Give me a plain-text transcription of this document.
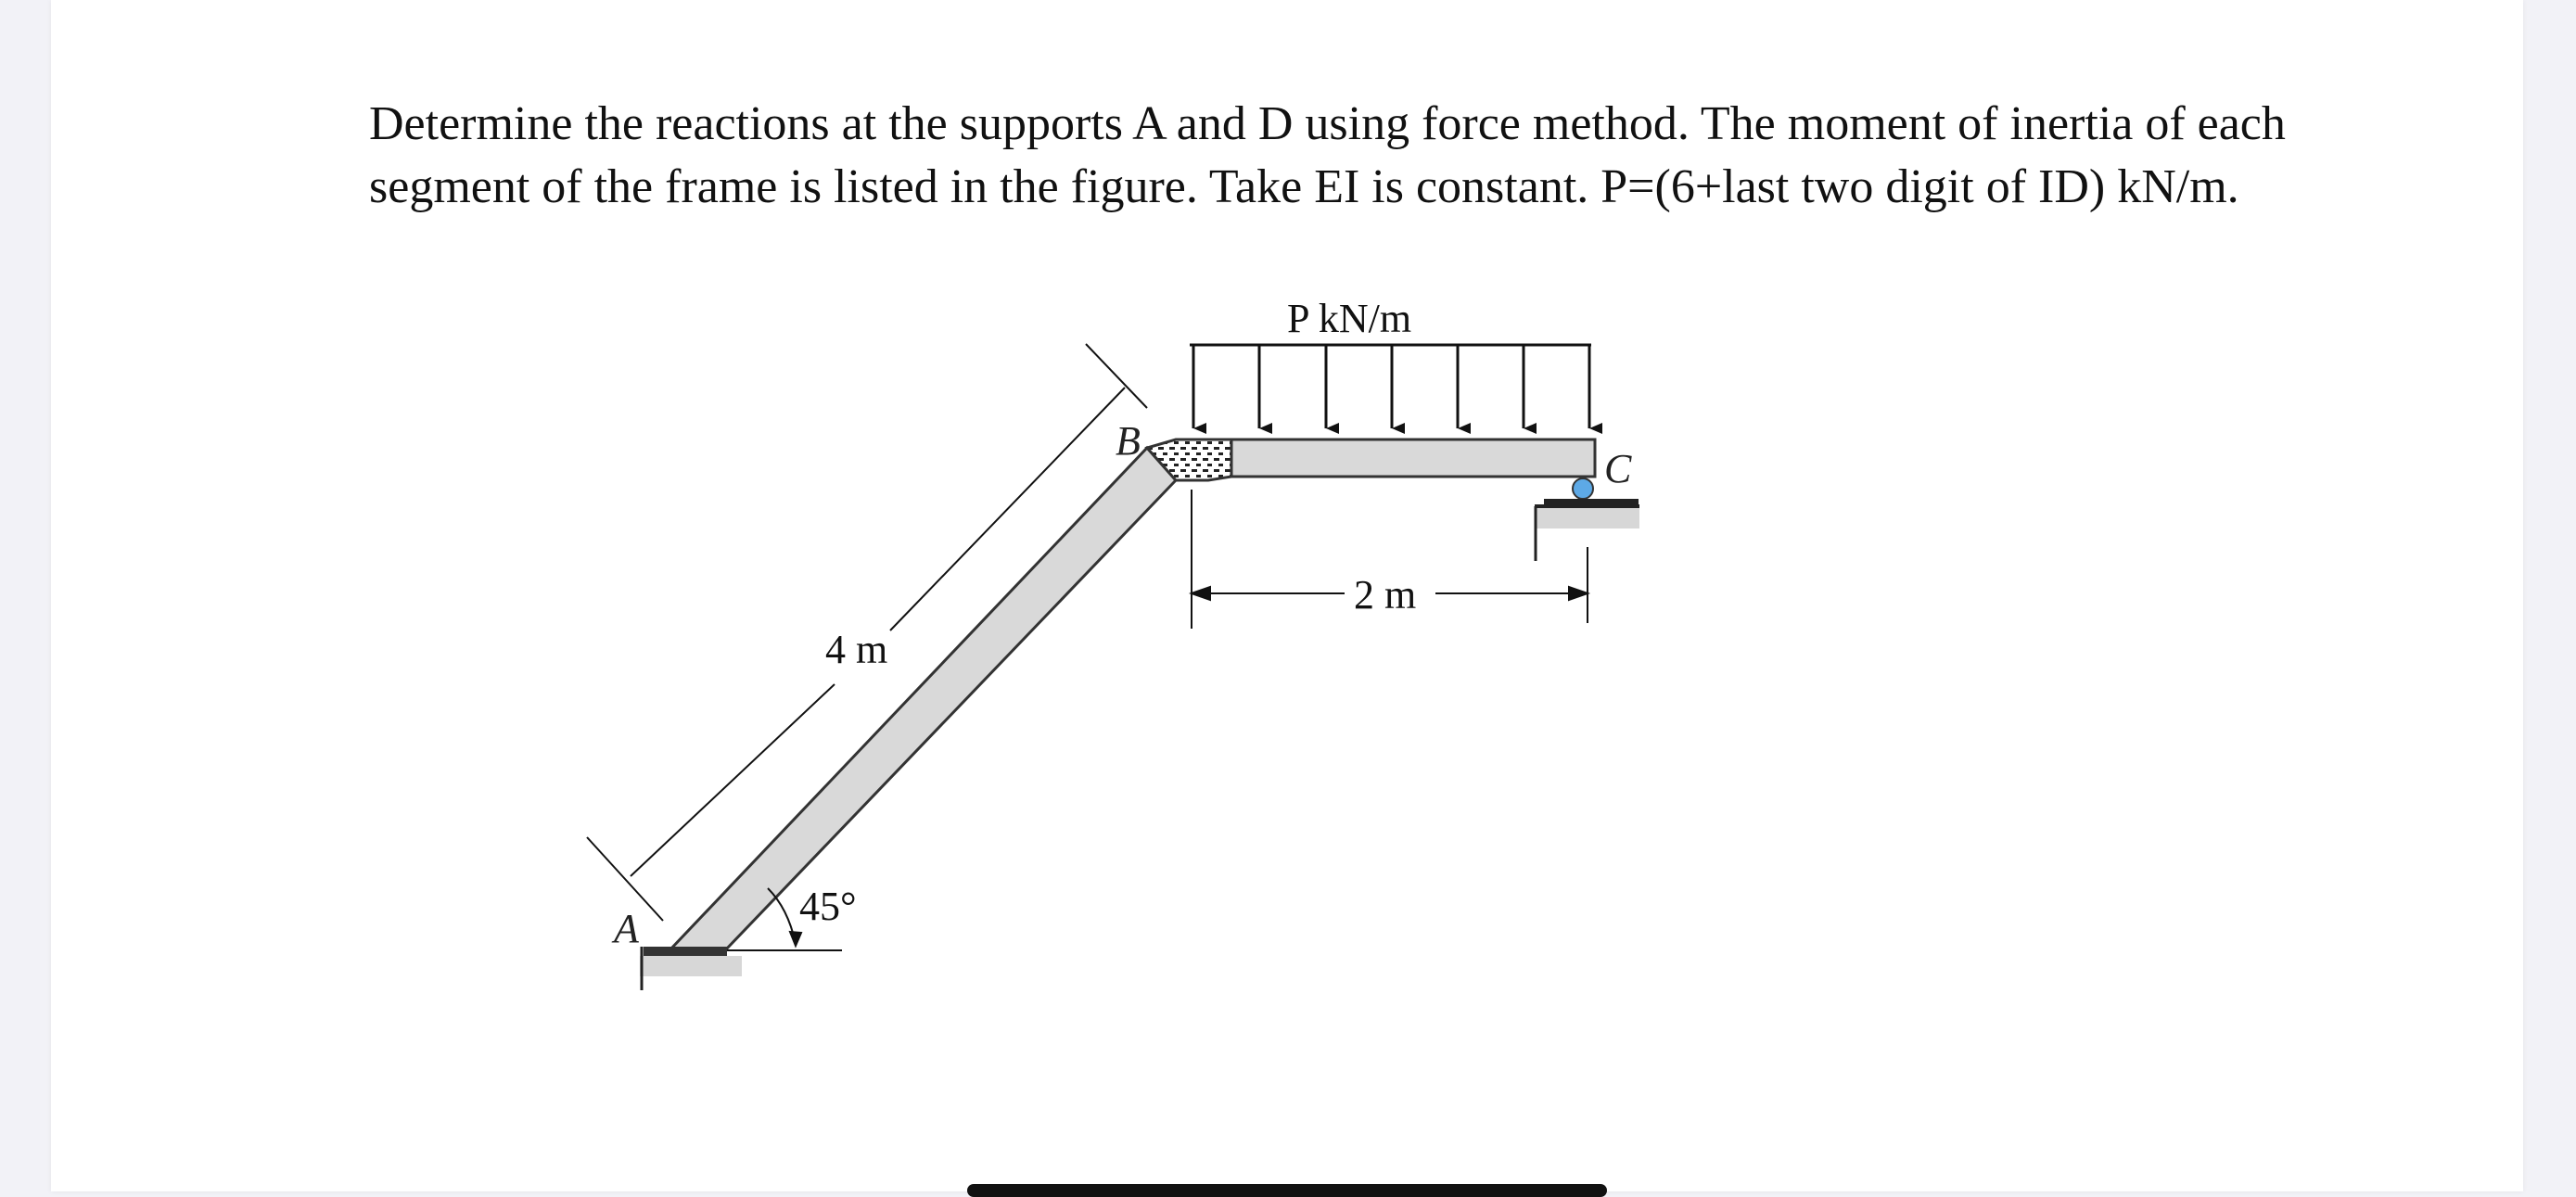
Determine the reactions at the supports A and D using force method. The moment of inertia of each
segment of the frame is listed in the figure. Take EI is constant. P=(6+last two digit of ID) kN/m.

P kN/m
4 m
B
C
2 m
45°
A
